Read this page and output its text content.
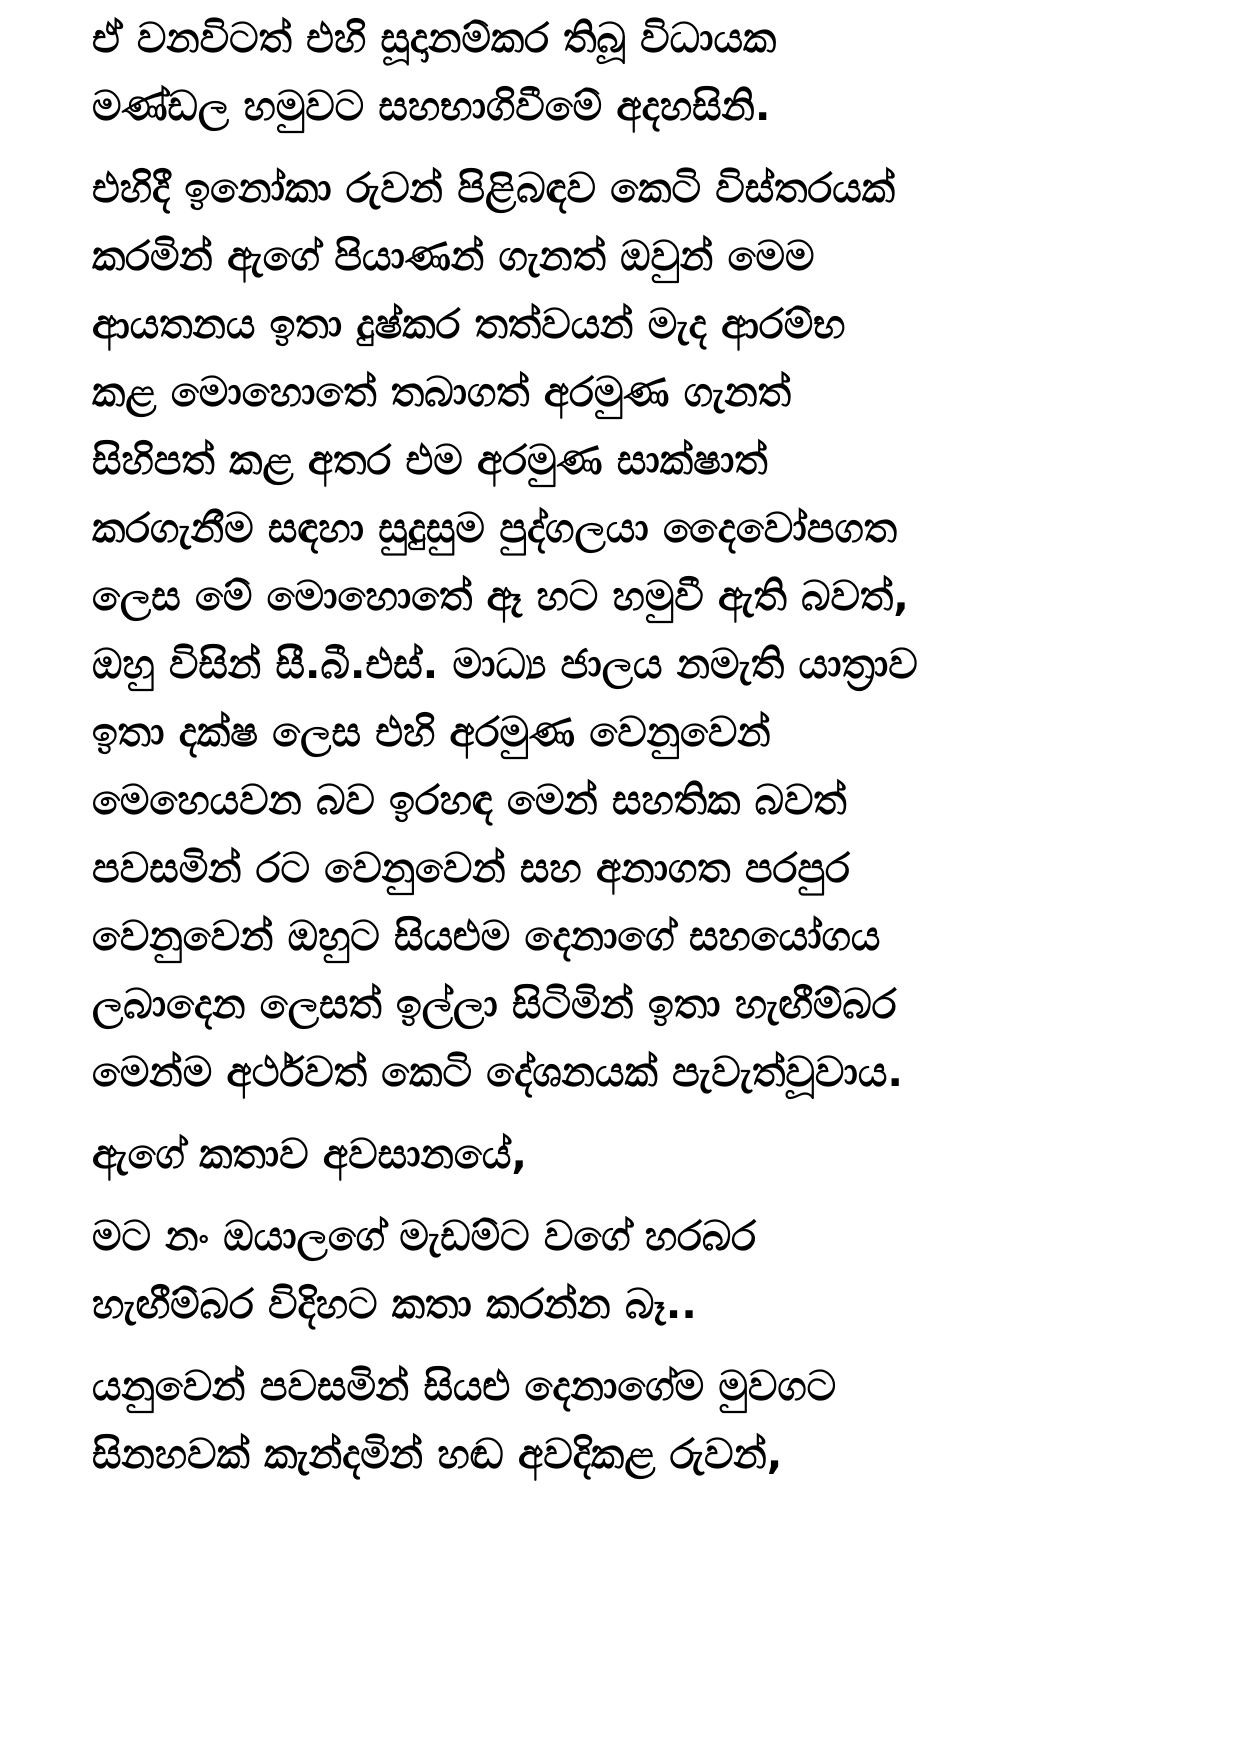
ඒ වනවිටත් එහි සූදානම්කර තිබූ විධායක
මණ්ඩල හමුවට සහභාගිවීමේ අදහසිනි.
එහිදී ඉනෝකා රුවන් පිළිබඳව කෙටි විස්තරයක්
කරමින් ඇගේ පියාණන් ගැනත් ඔවුන් මෙම
ආයතනය ඉතා දුෂ්කර තත්වයන් මැද ආරම්භ
කළ මොහොතේ තබාගත් අරමුණ ගැනත්
සිහිපත් කළ අතර එම අරමුණ සාක්ෂාත්
කරගැනීම සඳහා සුදුසුම පුද්ගලයා දෛවෝපගත
ලෙස මේ මොහොතේ ඈ හට හමුවී ඇති බවත්,
ඔහු විසින් සී.බී.එස්. මාධ්‍ය ජාලය නමැති යාත්‍රාව
ඉතා දක්ෂ ලෙස එහි අරමුණ වෙනුවෙන්
මෙහෙයවන බව ඉරහඳ මෙන් සහතික බවත්
පවසමින් රට වෙනුවෙන් සහ අනාගත පරපුර
වෙනුවෙන් ඔහුට සියළුම දෙනාගේ සහයෝගය
ලබාදෙන ලෙසත් ඉල්ලා සිටිමින් ඉතා හැඟීම්බර
මෙන්ම අර්ථවත් කෙටි දේශනයක් පැවැත්වූවාය.
ඇගේ කතාව අවසානයේ,
මට නං ඔයාලගේ මැඩම්ට වගේ හරබර
හැඟීම්බර විදිහට කතා කරන්න බෑ..
යනුවෙන් පවසමින් සියළු දෙනාගේම මුවගට
සිනහවක් කැන්දමින් හඬ අවදිකළ රුවන්,
